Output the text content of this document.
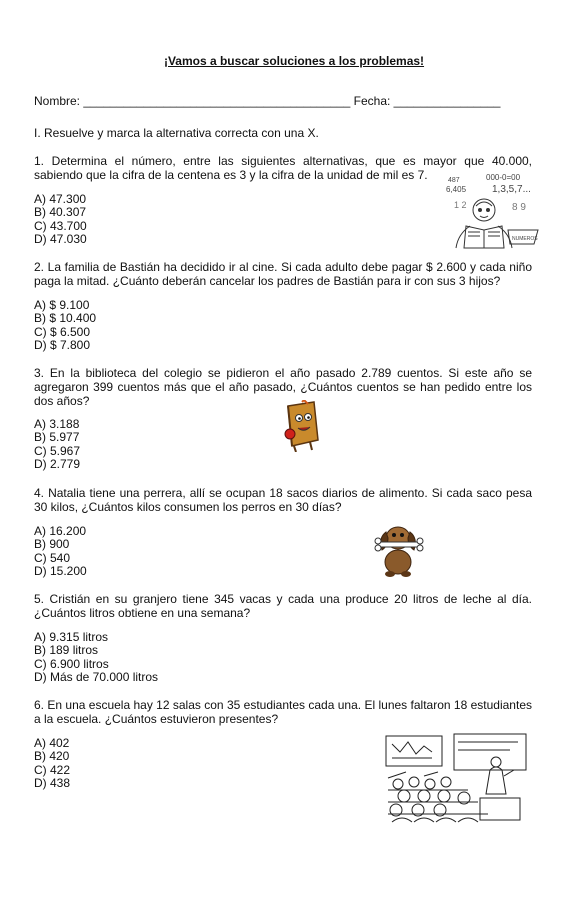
¡Vamos a buscar soluciones a los problemas!
Nombre: ________________________________________ Fecha: ________________
I. Resuelve y marca la alternativa correcta con una X.
1. Determina el número, entre las siguientes alternativas, que es mayor que 40.000, sabiendo que la cifra de la centena es 3 y la cifra de la unidad de mil es 7.
A) 47.300
B) 40.307
C) 43.700
D) 47.030
487
6,405
000-0=00
1,3,5,7...
1 2	8 9
NUMEROS
2. La familia de Bastián ha decidido ir al cine. Si cada adulto debe pagar $ 2.600 y cada niño paga la mitad. ¿Cuánto deberán cancelar los padres de Bastián para ir con sus 3 hijos?
A) $ 9.100
B) $ 10.400
C) $ 6.500
D) $ 7.800
3. En la biblioteca del colegio se pidieron el año pasado 2.789 cuentos. Si este año se agregaron 399 cuentos más que el año pasado, ¿Cuántos cuentos se han pedido entre los dos años?
A) 3.188
B) 5.977
C) 5.967
D) 2.779
4. Natalia tiene una perrera, allí se ocupan 18 sacos diarios de alimento. Si cada saco pesa 30 kilos, ¿Cuántos kilos consumen los perros en 30 días?
A) 16.200
B) 900
C) 540
D) 15.200
5. Cristián en su granjero tiene 345 vacas y cada una produce 20 litros de leche al día. ¿Cuántos litros obtiene en una semana?
A) 9.315 litros
B) 189 litros
C) 6.900 litros
D) Más de 70.000 litros
6. En una escuela hay 12 salas con 35 estudiantes cada una. El lunes faltaron 18 estudiantes a la escuela. ¿Cuántos estuvieron presentes?
A) 402
B) 420
C) 422
D) 438
